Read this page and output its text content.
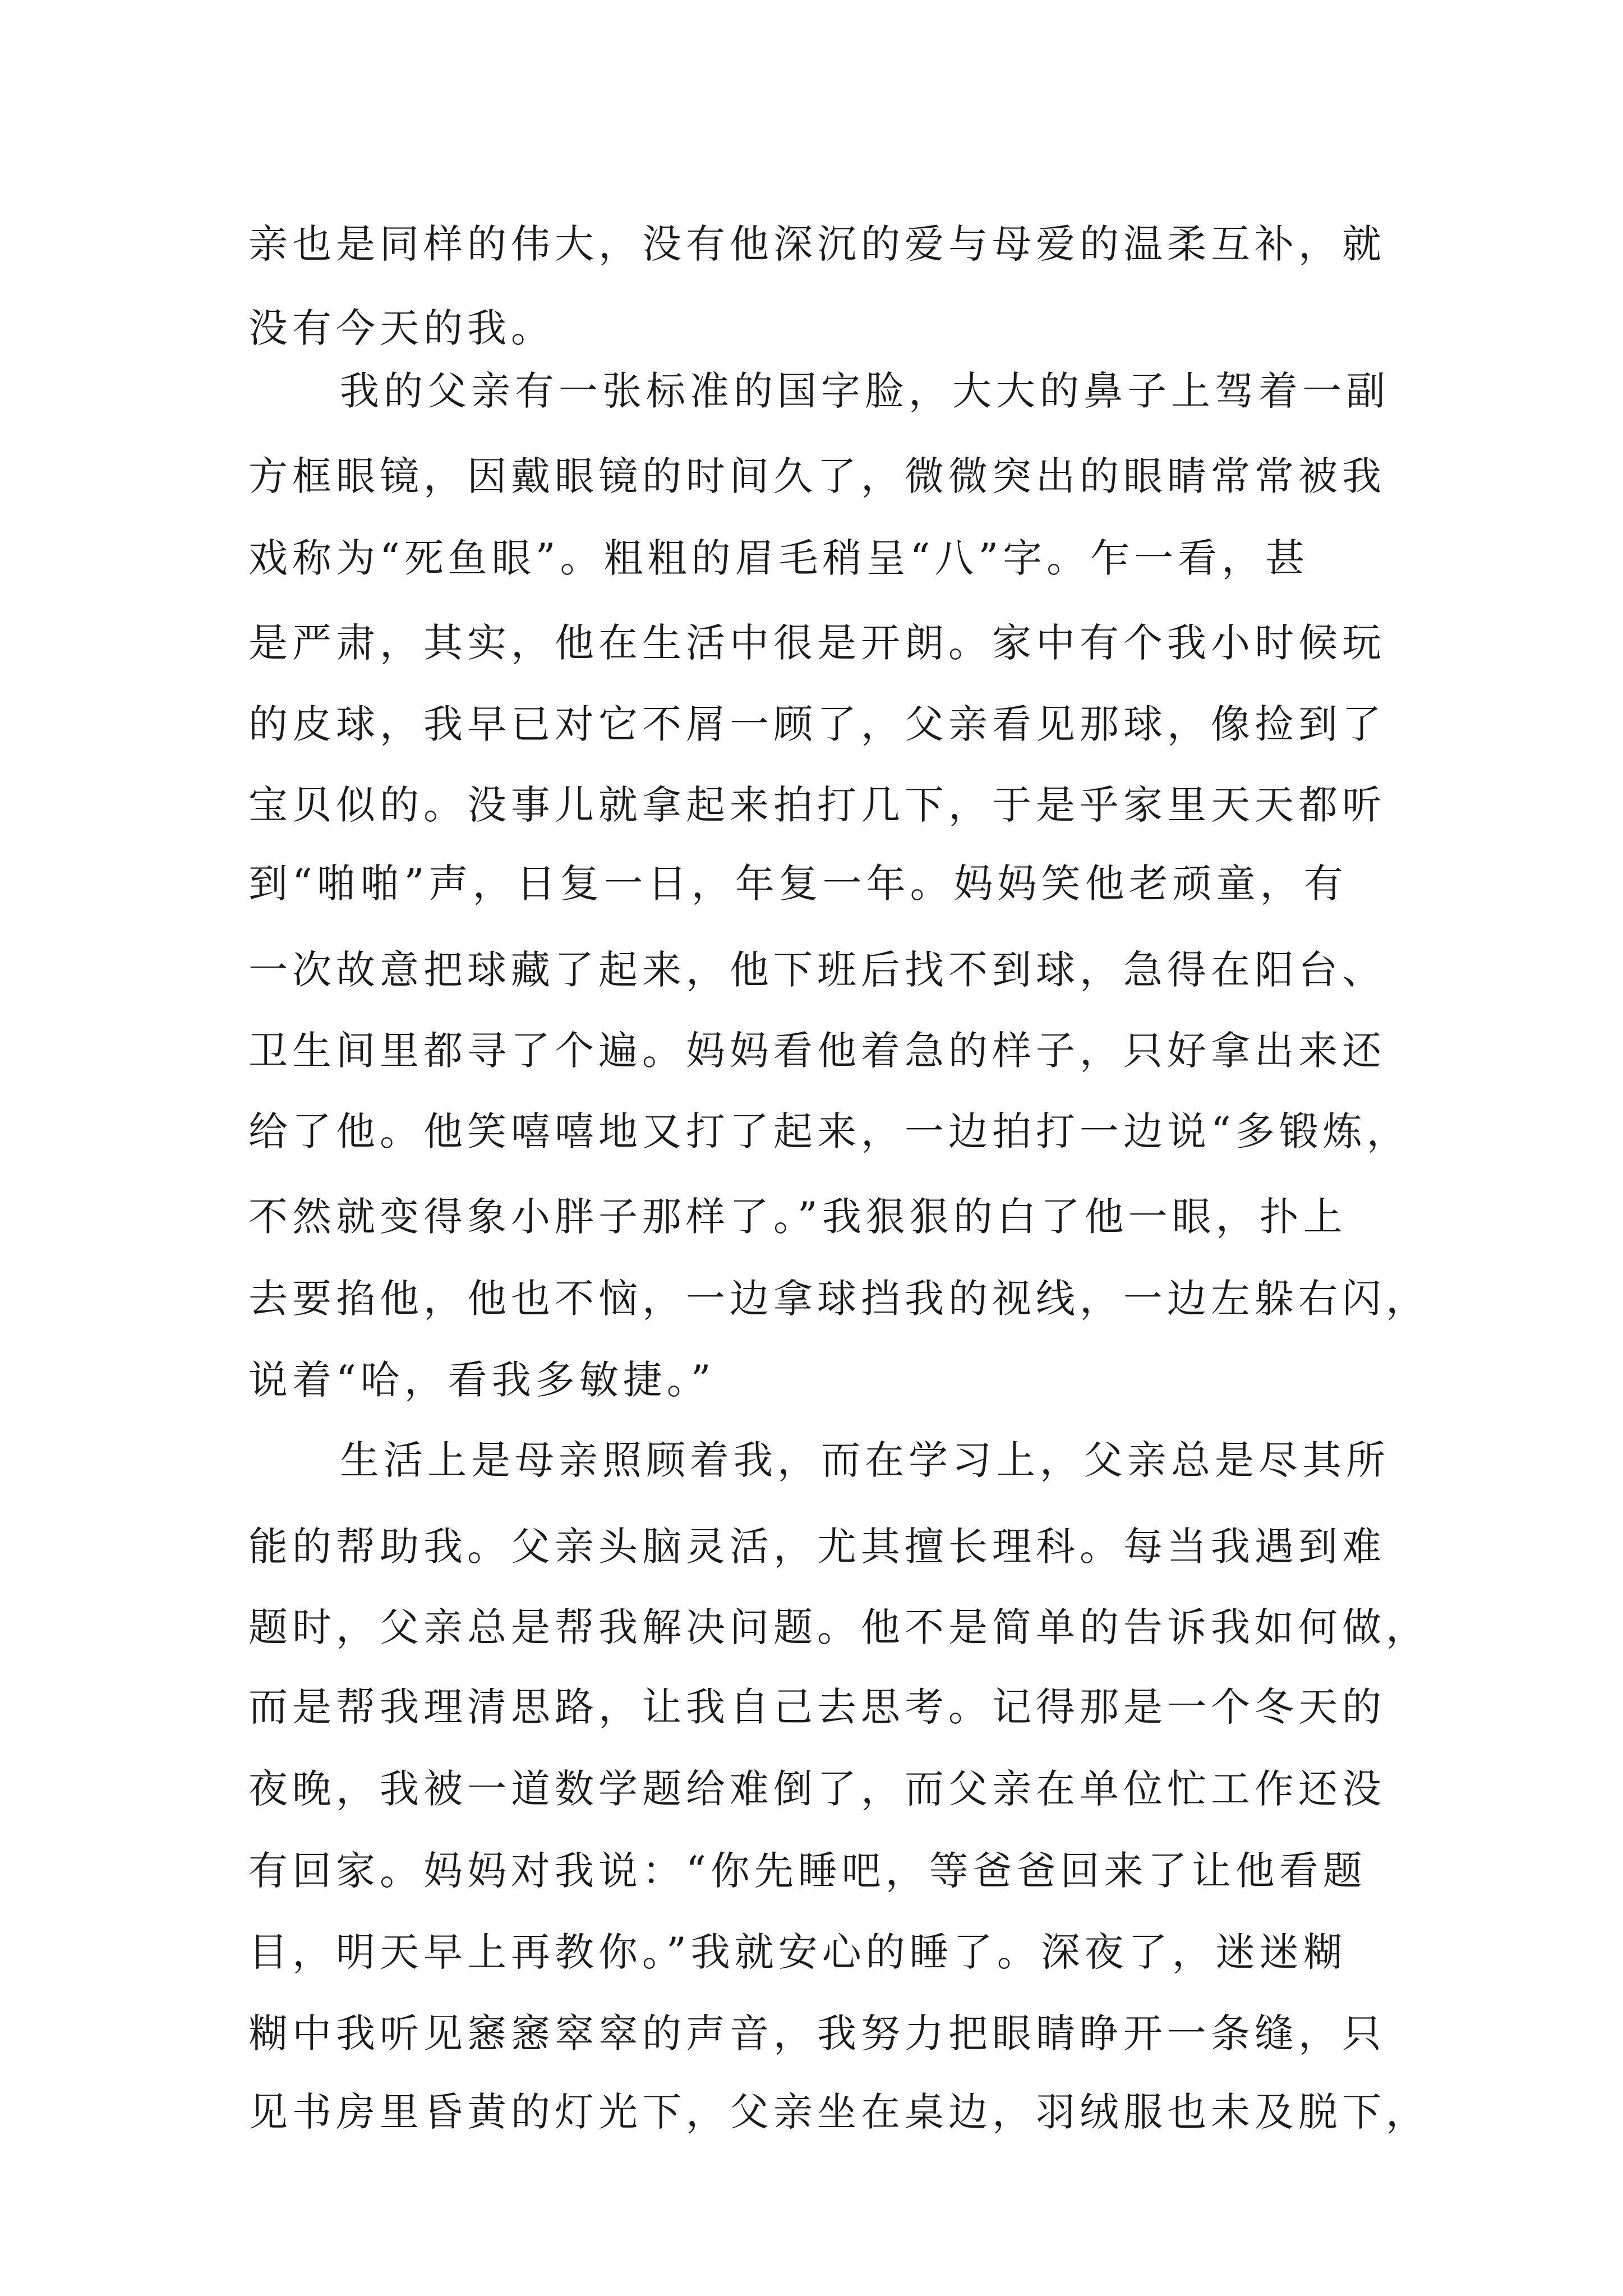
亲也是同样的伟大，没有他深沉的爱与母爱的温柔互补，就
没有今天的我。
我的父亲有一张标准的国字脸，大大的鼻子上驾着一副
方框眼镜，因戴眼镜的时间久了，微微突出的眼睛常常被我
戏称为“死鱼眼”。粗粗的眉毛稍呈“八”字。乍一看，甚
是严肃，其实，他在生活中很是开朗。家中有个我小时候玩
的皮球，我早已对它不屑一顾了，父亲看见那球，像捡到了
宝贝似的。没事儿就拿起来拍打几下，于是乎家里天天都听
到“啪啪”声，日复一日，年复一年。妈妈笑他老顽童，有
一次故意把球藏了起来，他下班后找不到球，急得在阳台、
卫生间里都寻了个遍。妈妈看他着急的样子，只好拿出来还
给了他。他笑嘻嘻地又打了起来，一边拍打一边说“多锻炼，
不然就变得象小胖子那样了。”我狠狠的白了他一眼，扑上
去要掐他，他也不恼，一边拿球挡我的视线，一边左躲右闪，
说着“哈，看我多敏捷。”
生活上是母亲照顾着我，而在学习上，父亲总是尽其所
能的帮助我。父亲头脑灵活，尤其擅长理科。每当我遇到难
题时，父亲总是帮我解决问题。他不是简单的告诉我如何做，
而是帮我理清思路，让我自己去思考。记得那是一个冬天的
夜晚，我被一道数学题给难倒了，而父亲在单位忙工作还没
有回家。妈妈对我说：“你先睡吧，等爸爸回来了让他看题
目，明天早上再教你。”我就安心的睡了。深夜了，迷迷糊
糊中我听见窸窸窣窣的声音，我努力把眼睛睁开一条缝，只
见书房里昏黄的灯光下，父亲坐在桌边，羽绒服也未及脱下，
